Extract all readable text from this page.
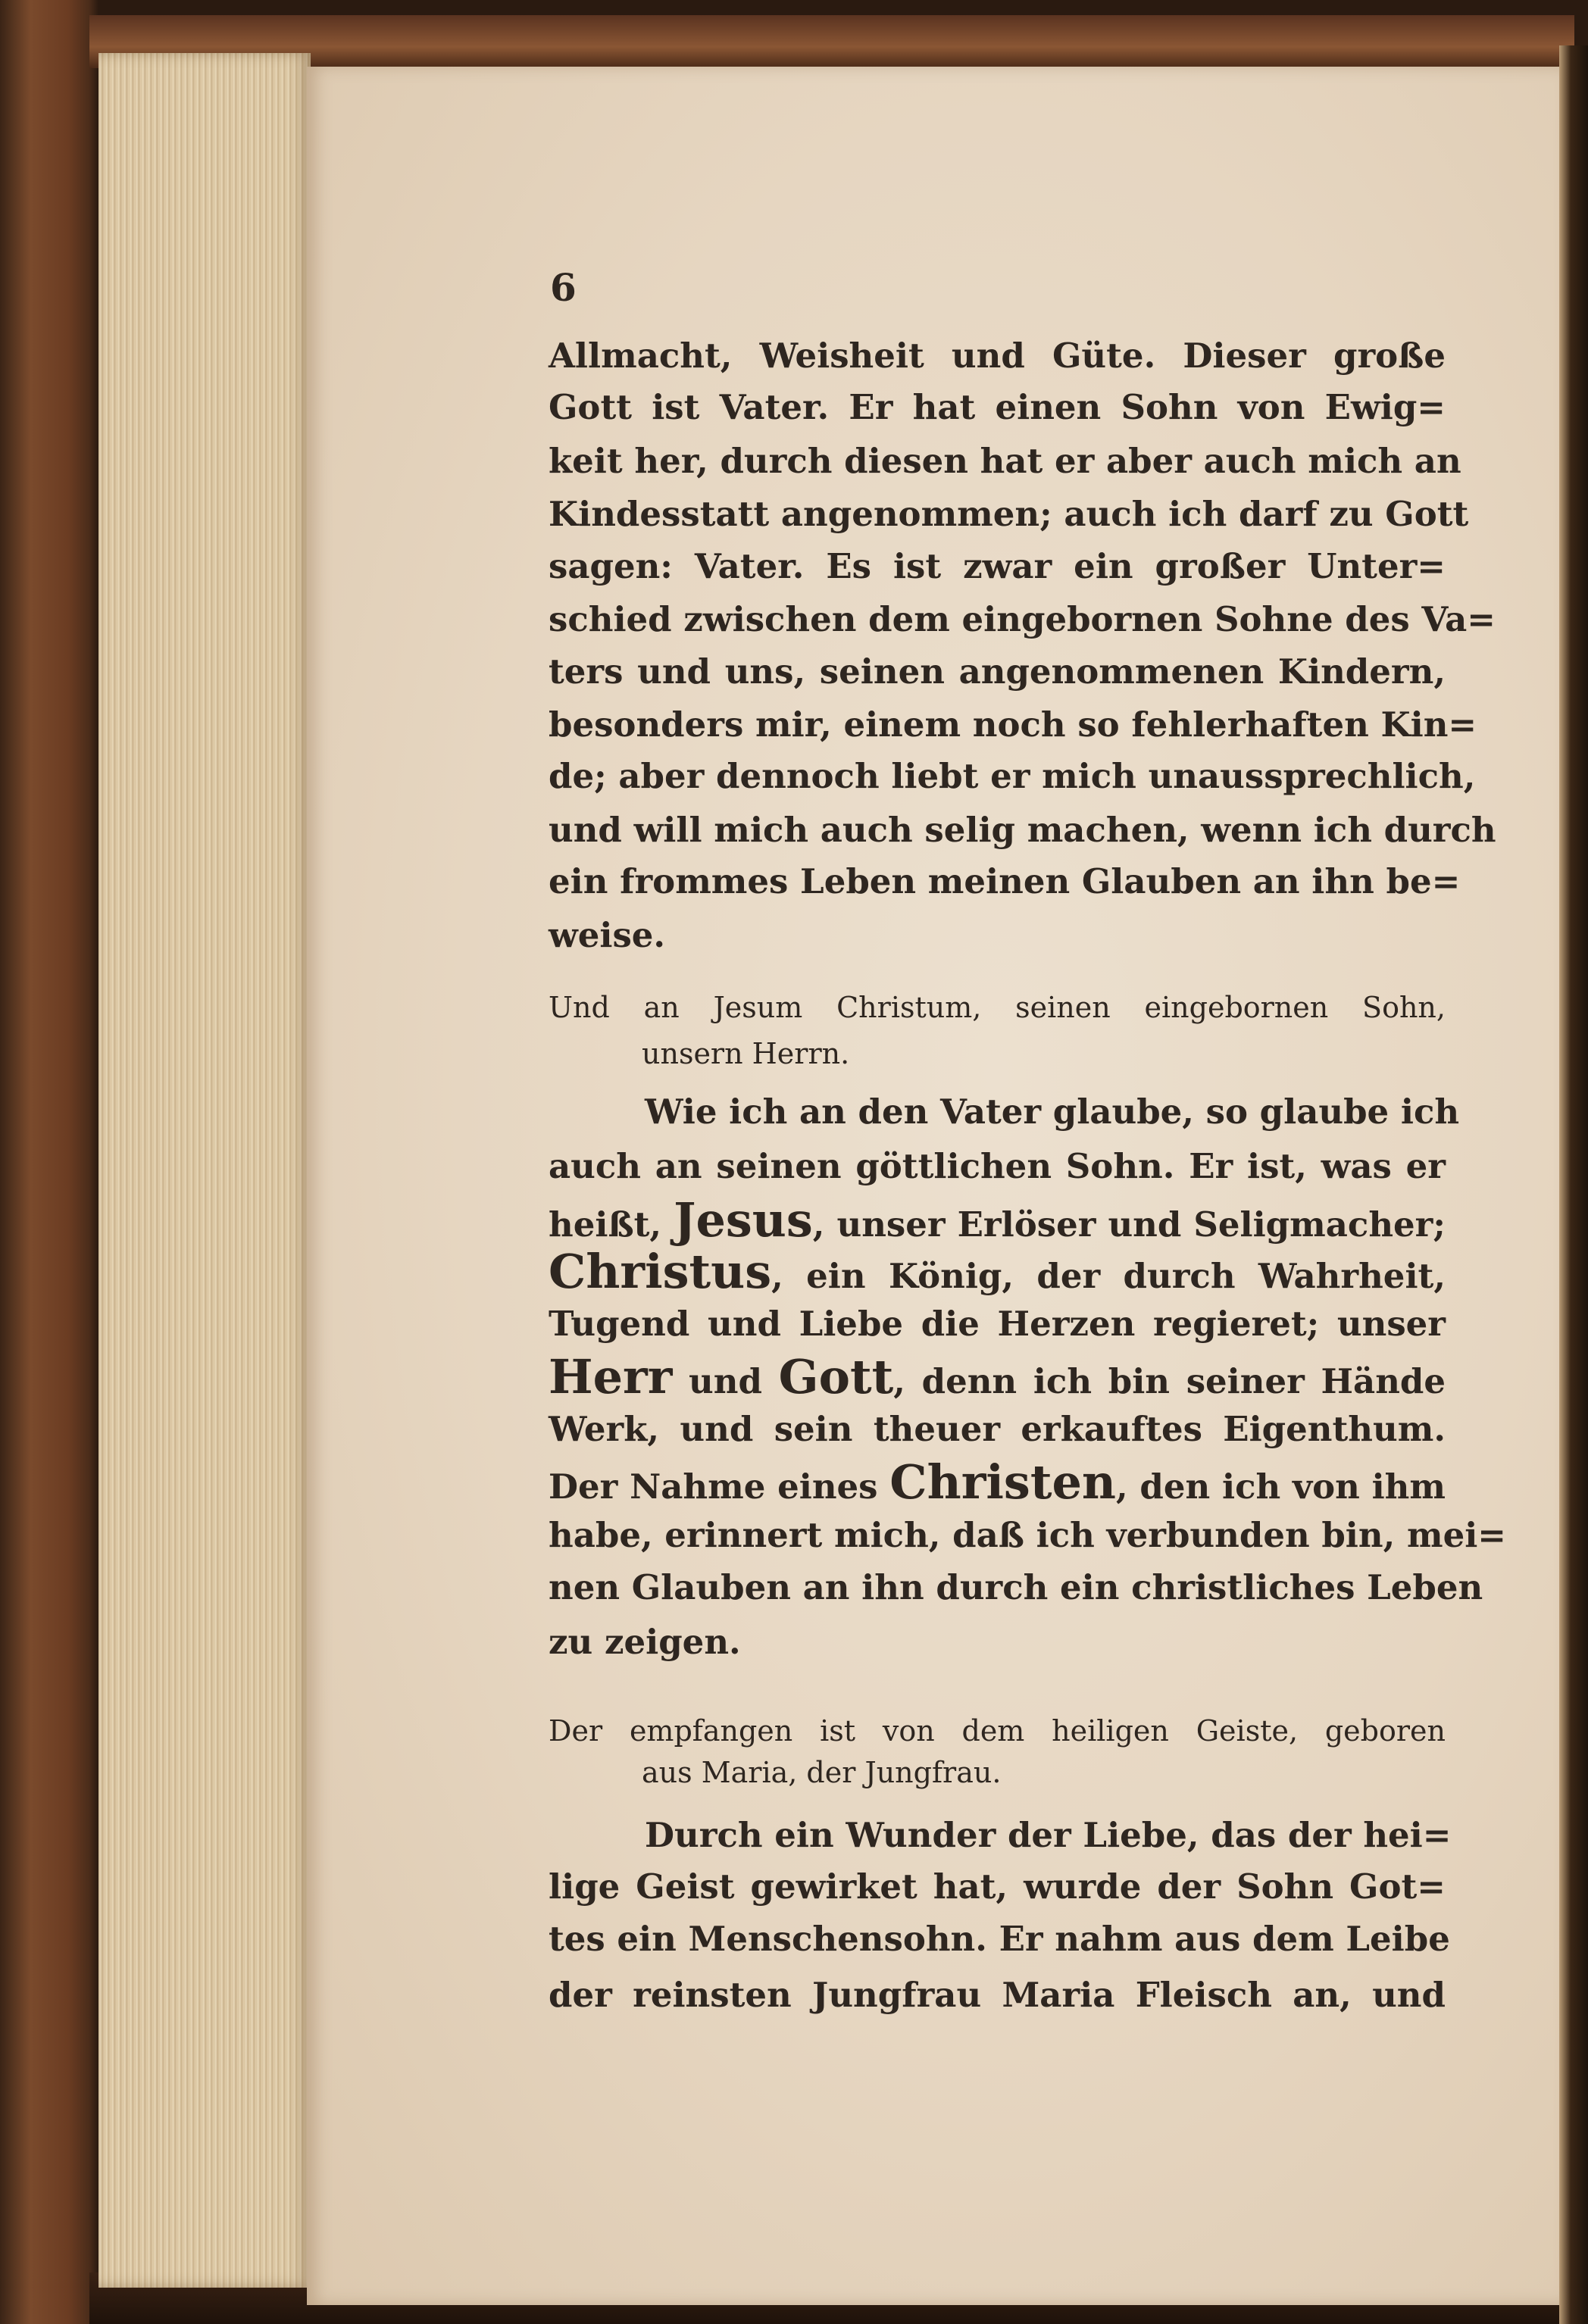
6
Allmacht, Weisheit und Güte. Dieser große
Gott ist Vater. Er hat einen Sohn von Ewig=
keit her, durch diesen hat er aber auch mich an
Kindesstatt angenommen; auch ich darf zu Gott
sagen: Vater. Es ist zwar ein großer Unter=
schied zwischen dem eingebornen Sohne des Va=
ters und uns, seinen angenommenen Kindern,
besonders mir, einem noch so fehlerhaften Kin=
de; aber dennoch liebt er mich unaussprechlich,
und will mich auch selig machen, wenn ich durch
ein frommes Leben meinen Glauben an ihn be=
weise.
Und an Jesum Christum, seinen eingebornen Sohn,
unsern Herrn.
Wie ich an den Vater glaube, so glaube ich
auch an seinen göttlichen Sohn. Er ist, was er
heißt, Jesus, unser Erlöser und Seligmacher;
Christus, ein König, der durch Wahrheit,
Tugend und Liebe die Herzen regieret; unser
Herr und Gott, denn ich bin seiner Hände
Werk, und sein theuer erkauftes Eigenthum.
Der Nahme eines Christen, den ich von ihm
habe, erinnert mich, daß ich verbunden bin, mei=
nen Glauben an ihn durch ein christliches Leben
zu zeigen.
Der empfangen ist von dem heiligen Geiste, geboren
aus Maria, der Jungfrau.
Durch ein Wunder der Liebe, das der hei=
lige Geist gewirket hat, wurde der Sohn Got=
tes ein Menschensohn. Er nahm aus dem Leibe
der reinsten Jungfrau Maria Fleisch an, und
